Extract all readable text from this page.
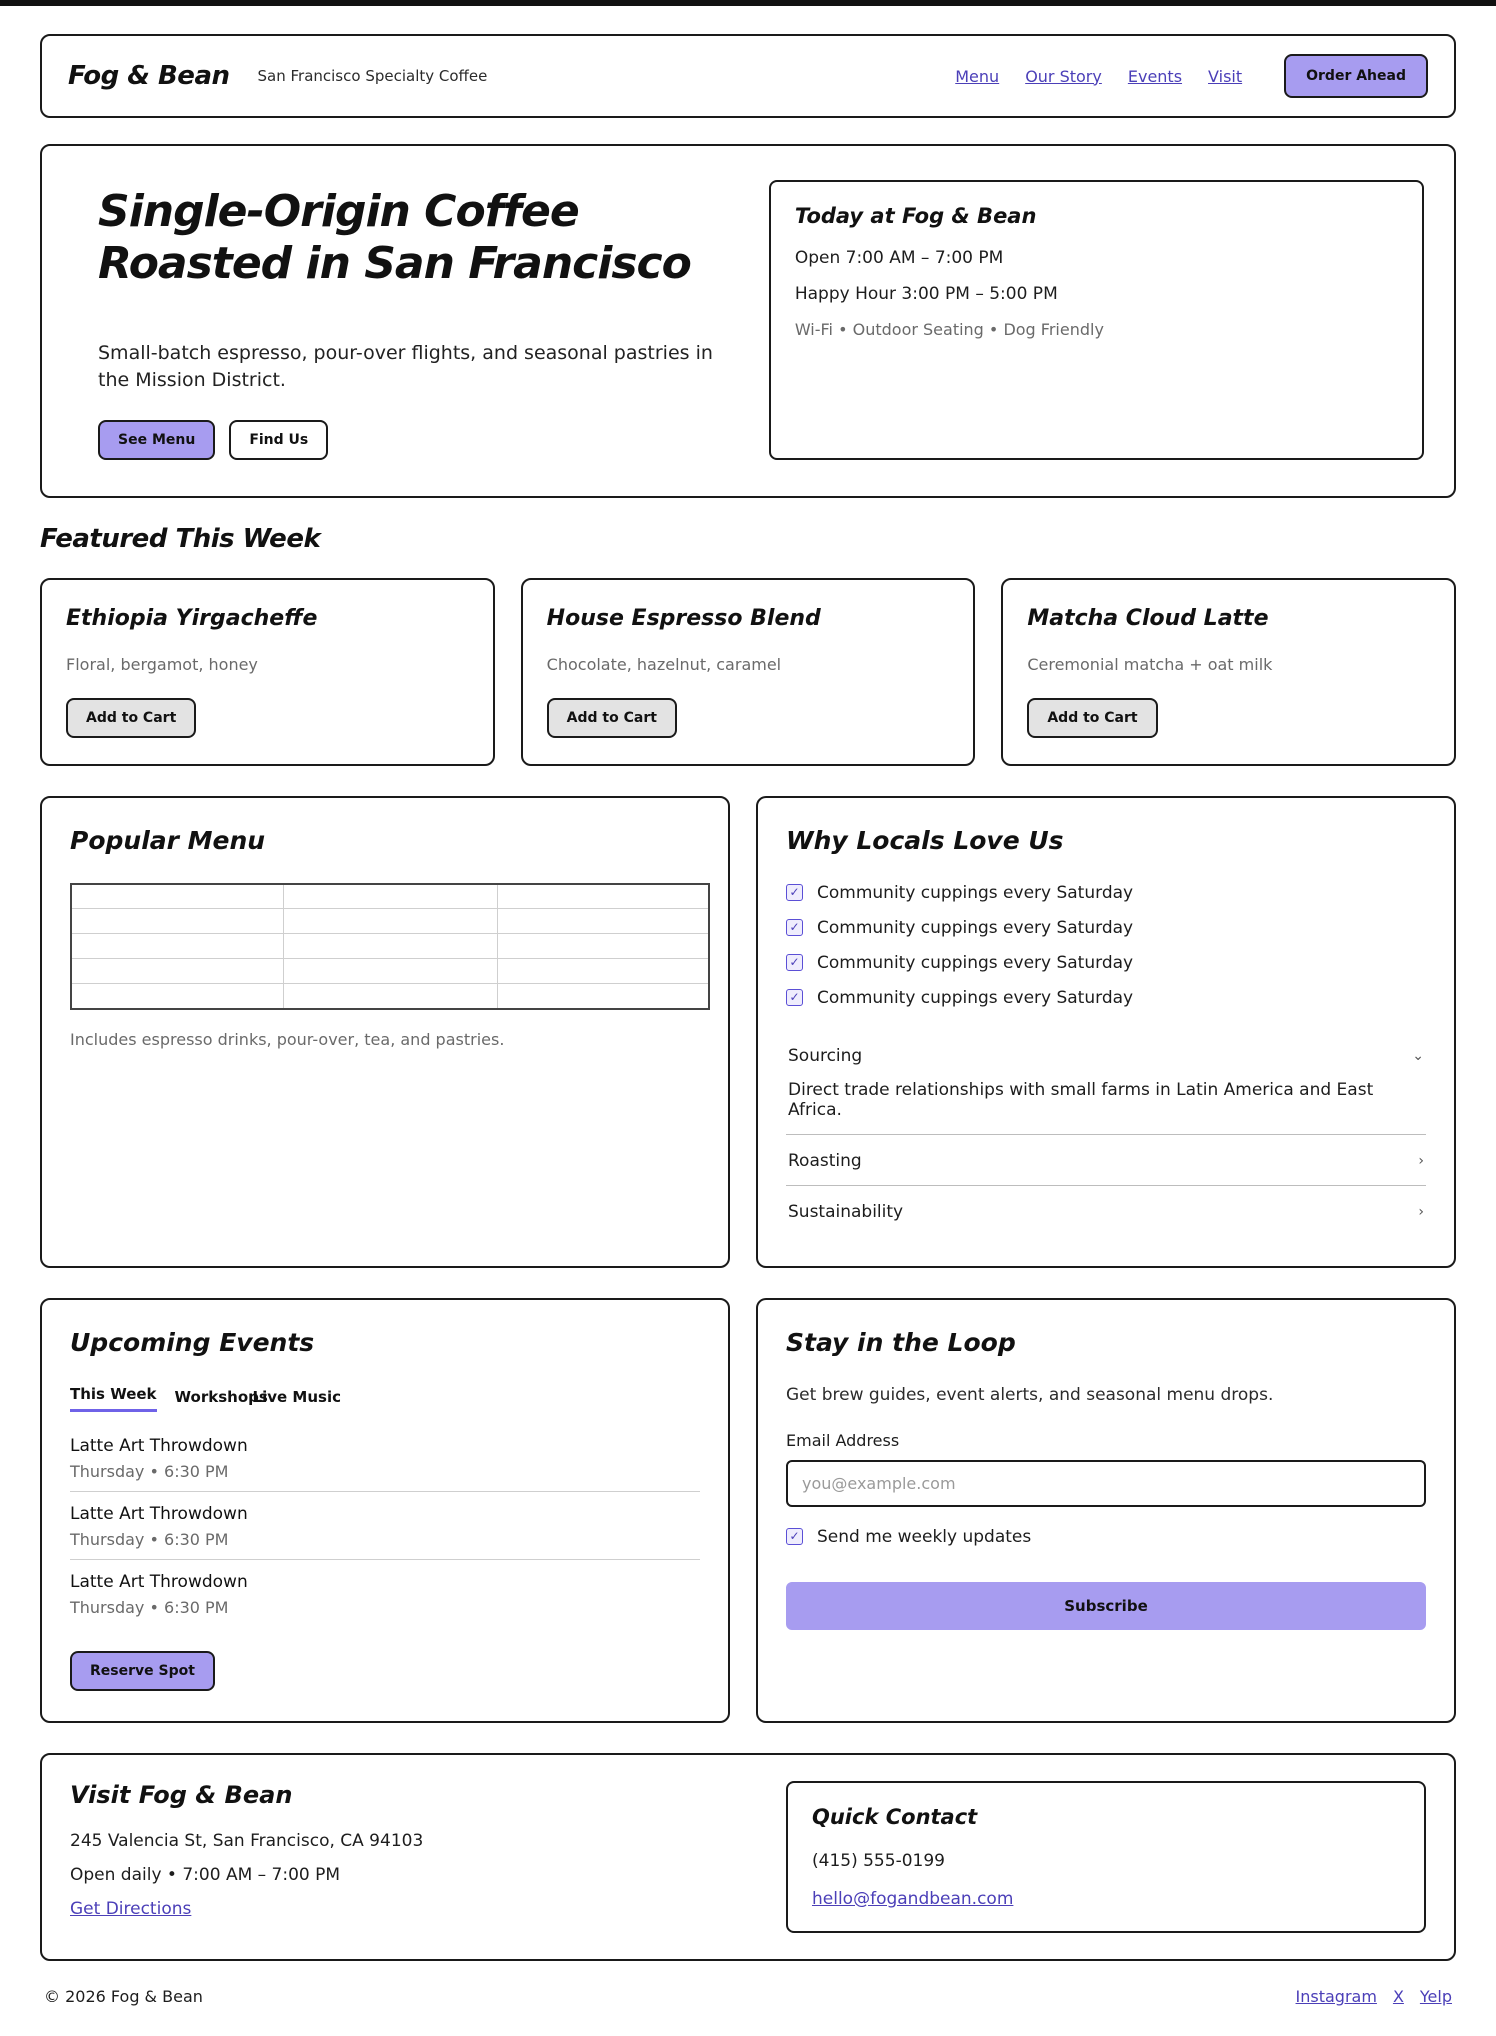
Fog & Bean San Francisco Specialty Coffee	Menu Our Story Events Visit	Order Ahead
Single-Origin Coffee
Roasted in San Francisco

Small-batch espresso, pour-over flights, and seasonal pastries in the Mission District.

See Menu	Find Us
Today at Fog & Bean
Open 7:00 AM – 7:00 PM
Happy Hour 3:00 PM – 5:00 PM
Wi-Fi • Outdoor Seating • Dog Friendly
Featured This Week
Ethiopia Yirgacheffe

Floral, bergamot, honey

Add to Cart
House Espresso Blend

Chocolate, hazelnut, caramel

Add to Cart
Matcha Cloud Latte

Ceremonial matcha + oat milk

Add to Cart
Popular Menu

Includes espresso drinks, pour-over, tea, and pastries.

Why Locals Love Us
✓ Community cuppings every Saturday
✓ Community cuppings every Saturday
✓ Community cuppings every Saturday
✓ Community cuppings every Saturday
Sourcing	⌄
Direct trade relationships with small farms in Latin America and East Africa.
Roasting	›
Sustainability	›
Upcoming Events
This Week Workshops
Live Music
Latte Art Throwdown
Thursday • 6:30 PM
Latte Art Throwdown
Thursday • 6:30 PM
Latte Art Throwdown
Thursday • 6:30 PM
Reserve Spot
Stay in the Loop

Get brew guides, event alerts, and seasonal menu drops.

Email Address
you@example.com
✓ Send me weekly updates
Subscribe
Visit Fog & Bean
245 Valencia St, San Francisco, CA 94103
Open daily • 7:00 AM – 7:00 PM
Get Directions
Quick Contact
(415) 555-0199
hello@fogandbean.com
© 2026 Fog & Bean	Instagram X Yelp
